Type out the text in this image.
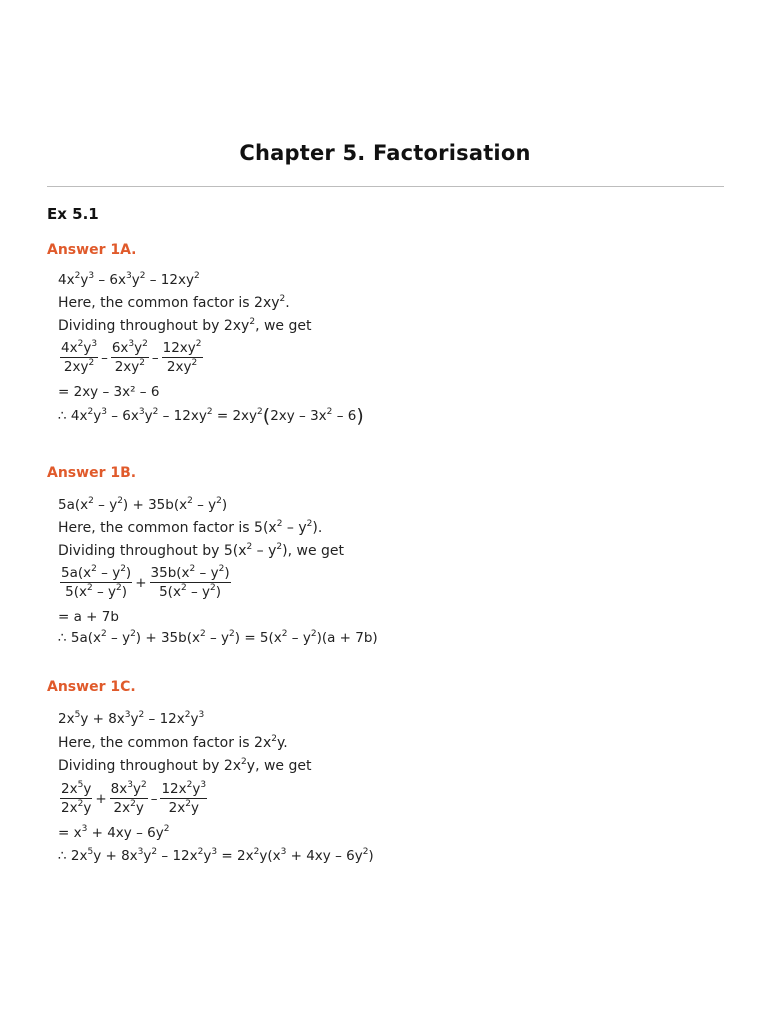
Chapter 5. Factorisation
Ex 5.1
Answer 1A.
$4x^2y^3 - 6x^3y^2 - 12xy^2$
Here, the common factor is $2xy^2$.
Dividing throughout by $2xy^2$, we get
$\frac{4x^2y^3}{2xy^2} - \frac{6x^3y^2}{2xy^2} - \frac{12xy^2}{2xy^2}$
= 2xy – 3x² – 6
∴ $4x^2y^3 - 6x^3y^2 - 12xy^2 = 2xy^2(2xy - 3x^2 - 6)$
Answer 1B.
$5a(x^2 - y^2) + 35b(x^2 - y^2)$
Here, the common factor is $5(x^2 - y^2)$.
Dividing throughout by $5(x^2 - y^2)$, we get
$\frac{5a(x^2 - y^2)}{5(x^2 - y^2)} + \frac{35b(x^2 - y^2)}{5(x^2 - y^2)}$
= a + 7b
∴ $5a(x^2 - y^2) + 35b(x^2 - y^2) = 5(x^2 - y^2)(a + 7b)$
Answer 1C.
$2x^5y + 8x^3y^2 - 12x^2y^3$
Here, the common factor is $2x^2y$.
Dividing throughout by $2x^2y$, we get
$\frac{2x^5y}{2x^2y} + \frac{8x^3y^2}{2x^2y} - \frac{12x^2y^3}{2x^2y}$
= $x^3 + 4xy - 6y^2$
∴ $2x^5y + 8x^3y^2 - 12x^2y^3 = 2x^2y(x^3 + 4xy - 6y^2)$
